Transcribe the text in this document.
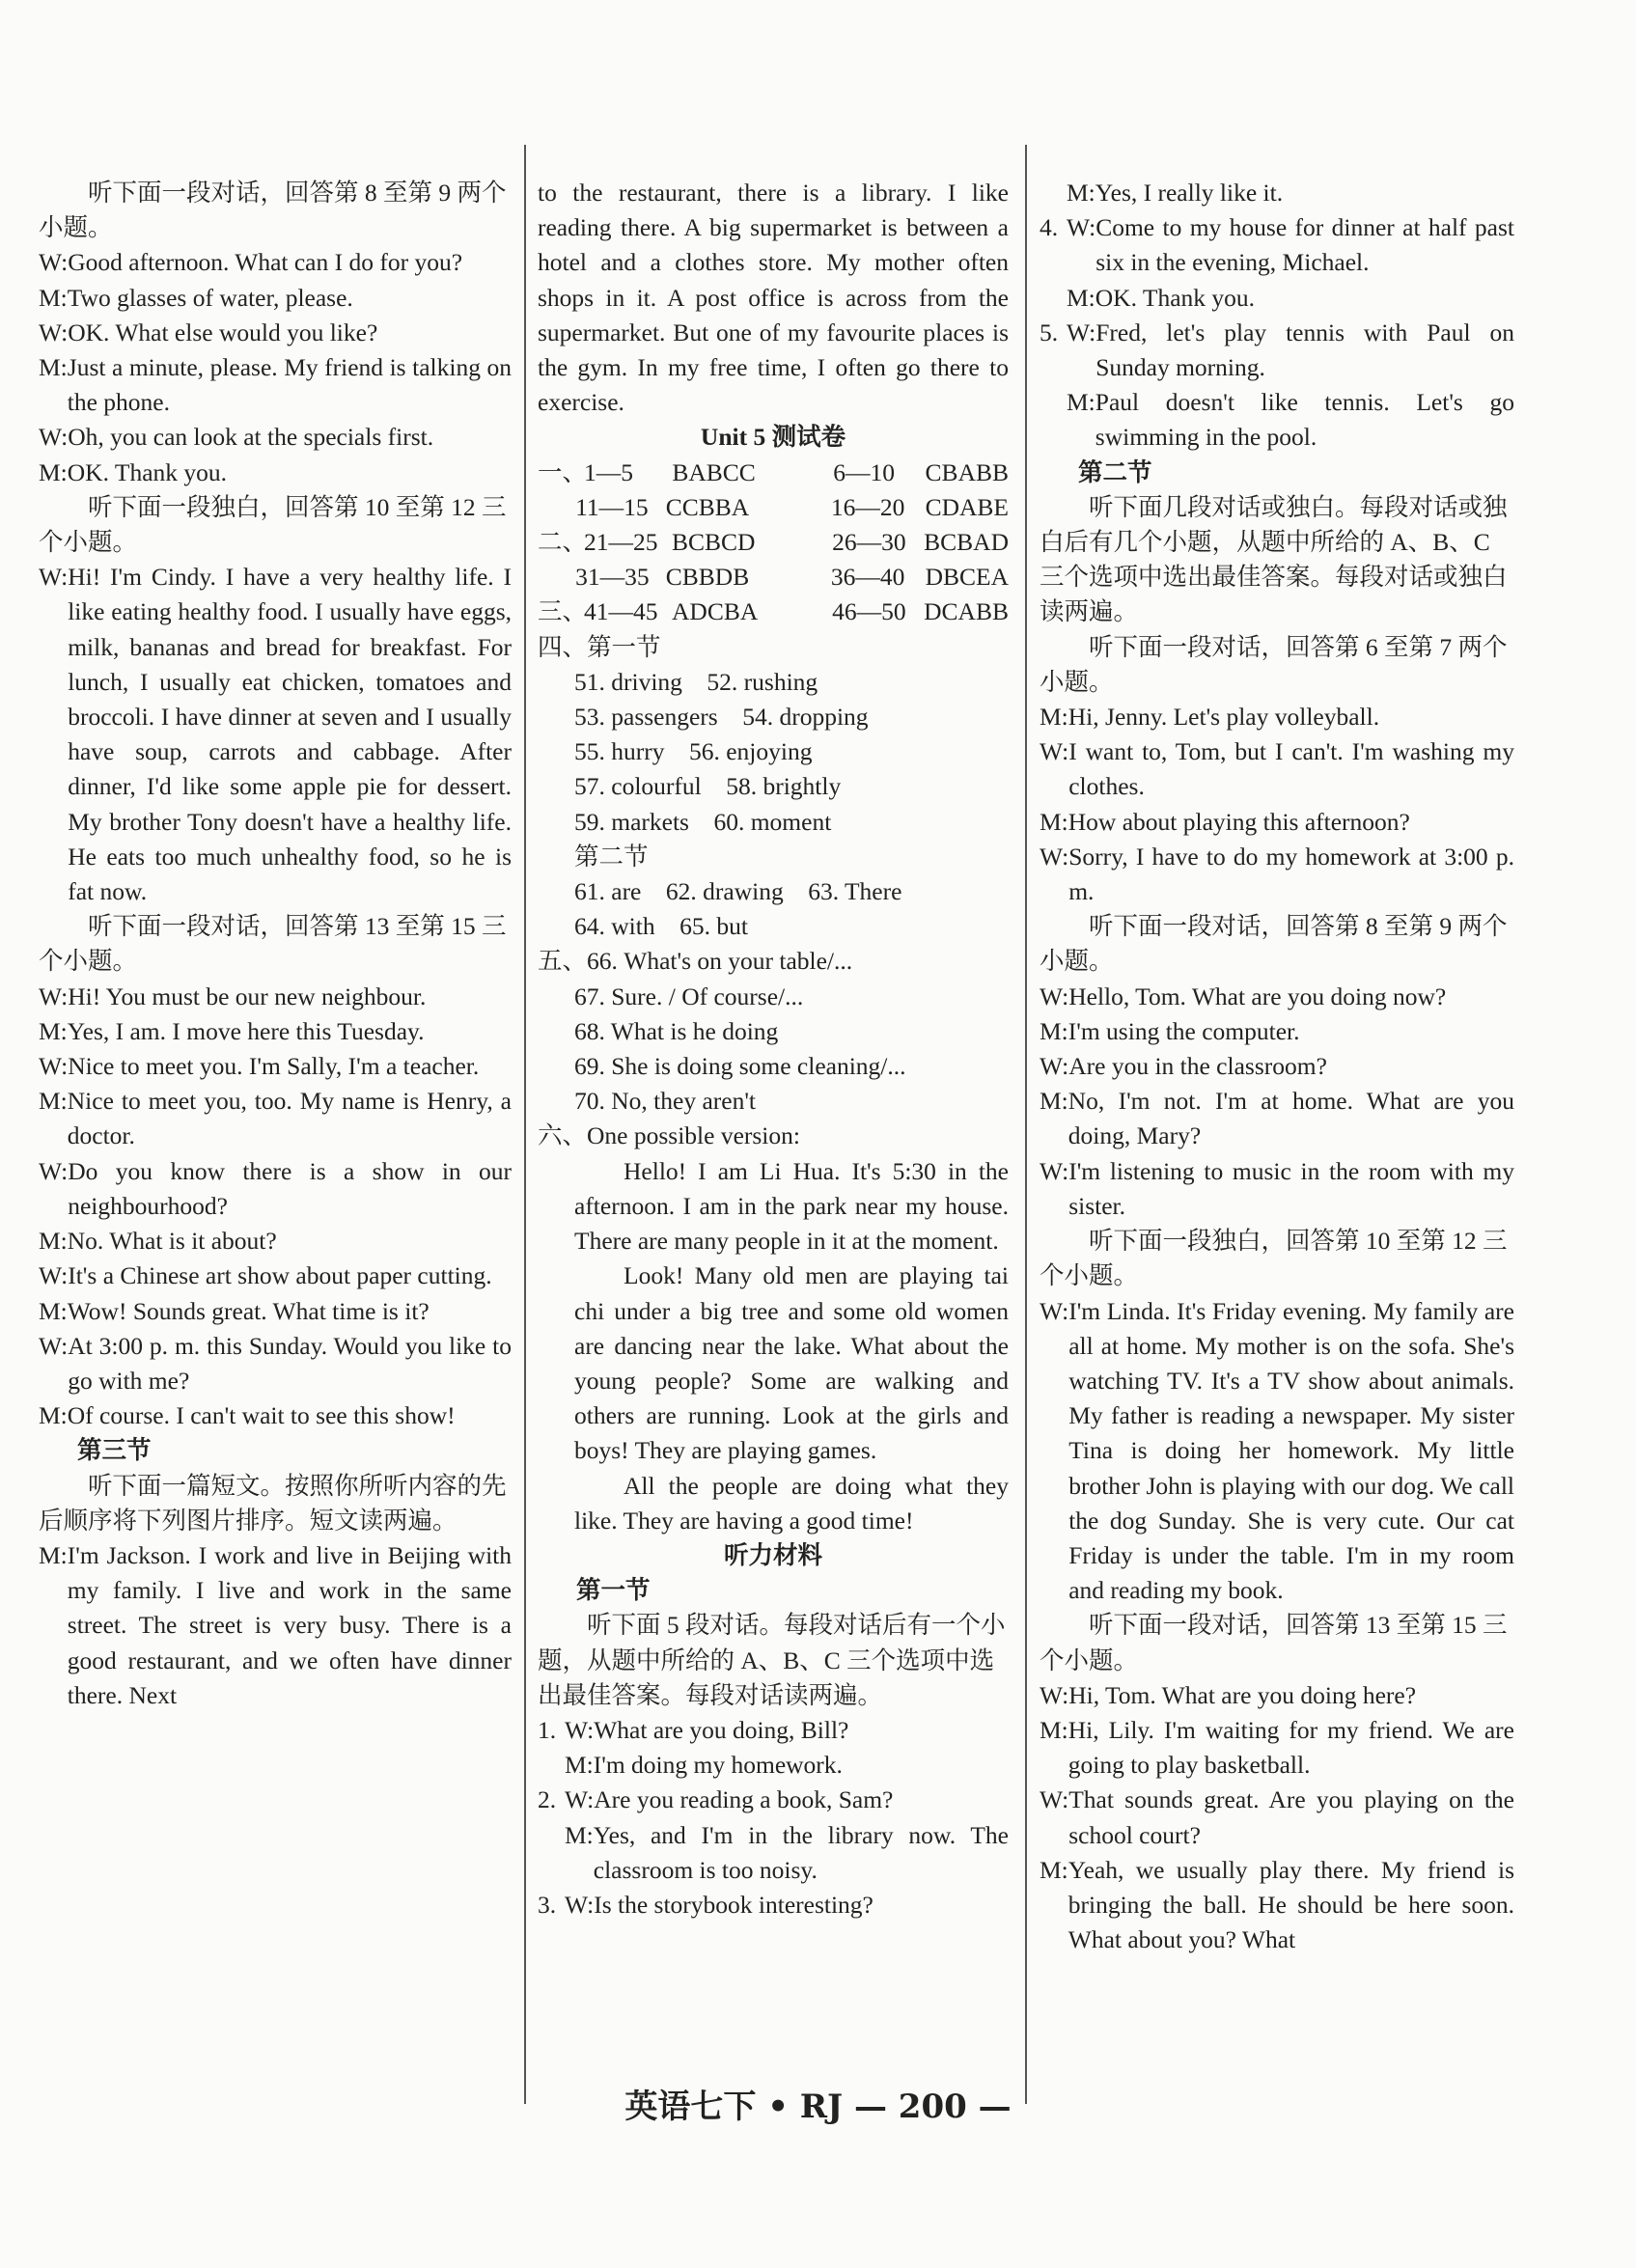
听下面一段对话，回答第 8 至第 9 两个小题。
W: Good afternoon. What can I do for you?
M: Two glasses of water, please.
W: OK. What else would you like?
M: Just a minute, please. My friend is talking on the phone.
W: Oh, you can look at the specials first.
M: OK. Thank you.
听下面一段独白，回答第 10 至第 12 三个小题。
W: Hi! I'm Cindy. I have a very healthy life. I like eating healthy food. I usually have eggs, milk, bananas and bread for breakfast. For lunch, I usually eat chicken, tomatoes and broccoli. I have dinner at seven and I usually have soup, carrots and cabbage. After dinner, I'd like some apple pie for dessert. My brother Tony doesn't have a healthy life. He eats too much unhealthy food, so he is fat now.
听下面一段对话，回答第 13 至第 15 三个小题。
W: Hi! You must be our new neighbour.
M: Yes, I am. I move here this Tuesday.
W: Nice to meet you. I'm Sally, I'm a teacher.
M: Nice to meet you, too. My name is Henry, a doctor.
W: Do you know there is a show in our neighbourhood?
M: No. What is it about?
W: It's a Chinese art show about paper cutting.
M: Wow! Sounds great. What time is it?
W: At 3:00 p. m. this Sunday. Would you like to go with me?
M: Of course. I can't wait to see this show!
第三节
听下面一篇短文。按照你所听内容的先后顺序将下列图片排序。短文读两遍。
M: I'm Jackson. I work and live in Beijing with my family. I live and work in the same street. The street is very busy. There is a good restaurant, and we often have dinner there. Next
to the restaurant, there is a library. I like reading there. A big supermarket is between a hotel and a clothes store. My mother often shops in it. A post office is across from the supermarket. But one of my favourite places is the gym. In my free time, I often go there to exercise.
Unit 5 测试卷
一、
1—5	BABCC	6—10	CBABB
11—15 CCBBA	16—20 CDABE
二、
21—25 BCBCD	26—30 BCBAD
31—35 CBBDB	36—40 DBCEA
三、
41—45 ADCBA	46—50 DCABB
四、第一节
51. driving    52. rushing
53. passengers    54. dropping
55. hurry    56. enjoying
57. colourful    58. brightly
59. markets    60. moment
第二节
61. are    62. drawing    63. There
64. with    65. but
五、66. What's on your table/...
67. Sure. / Of course/...
68. What is he doing
69. She is doing some cleaning/...
70. No, they aren't
六、One possible version:
Hello! I am Li Hua. It's 5:30 in the afternoon. I am in the park near my house. There are many people in it at the moment.
Look! Many old men are playing tai chi under a big tree and some old women are dancing near the lake. What about the young people? Some are walking and others are running. Look at the girls and boys! They are playing games.
All the people are doing what they like. They are having a good time!
听力材料
第一节
听下面 5 段对话。每段对话后有一个小题，从题中所给的 A、B、C 三个选项中选出最佳答案。每段对话读两遍。
1. W: What are you doing, Bill?
M: I'm doing my homework.
2. W: Are you reading a book, Sam?
M: Yes, and I'm in the library now. The classroom is too noisy.
3. W: Is the storybook interesting?
M: Yes, I really like it.
4. W: Come to my house for dinner at half past six in the evening, Michael.
M: OK. Thank you.
5. W: Fred, let's play tennis with Paul on Sunday morning.
M: Paul doesn't like tennis. Let's go swimming in the pool.
第二节
听下面几段对话或独白。每段对话或独白后有几个小题，从题中所给的 A、B、C 三个选项中选出最佳答案。每段对话或独白读两遍。
听下面一段对话，回答第 6 至第 7 两个小题。
M: Hi, Jenny. Let's play volleyball.
W: I want to, Tom, but I can't. I'm washing my clothes.
M: How about playing this afternoon?
W: Sorry, I have to do my homework at 3:00 p. m.
听下面一段对话，回答第 8 至第 9 两个小题。
W: Hello, Tom. What are you doing now?
M: I'm using the computer.
W: Are you in the classroom?
M: No, I'm not. I'm at home. What are you doing, Mary?
W: I'm listening to music in the room with my sister.
听下面一段独白，回答第 10 至第 12 三个小题。
W: I'm Linda. It's Friday evening. My family are all at home. My mother is on the sofa. She's watching TV. It's a TV show about animals. My father is reading a newspaper. My sister Tina is doing her homework. My little brother John is playing with our dog. We call the dog Sunday. She is very cute. Our cat Friday is under the table. I'm in my room and reading my book.
听下面一段对话，回答第 13 至第 15 三个小题。
W: Hi, Tom. What are you doing here?
M: Hi, Lily. I'm waiting for my friend. We are going to play basketball.
W: That sounds great. Are you playing on the school court?
M: Yeah, we usually play there. My friend is bringing the ball. He should be here soon. What about you? What
英语七下 • RJ — 200 —
